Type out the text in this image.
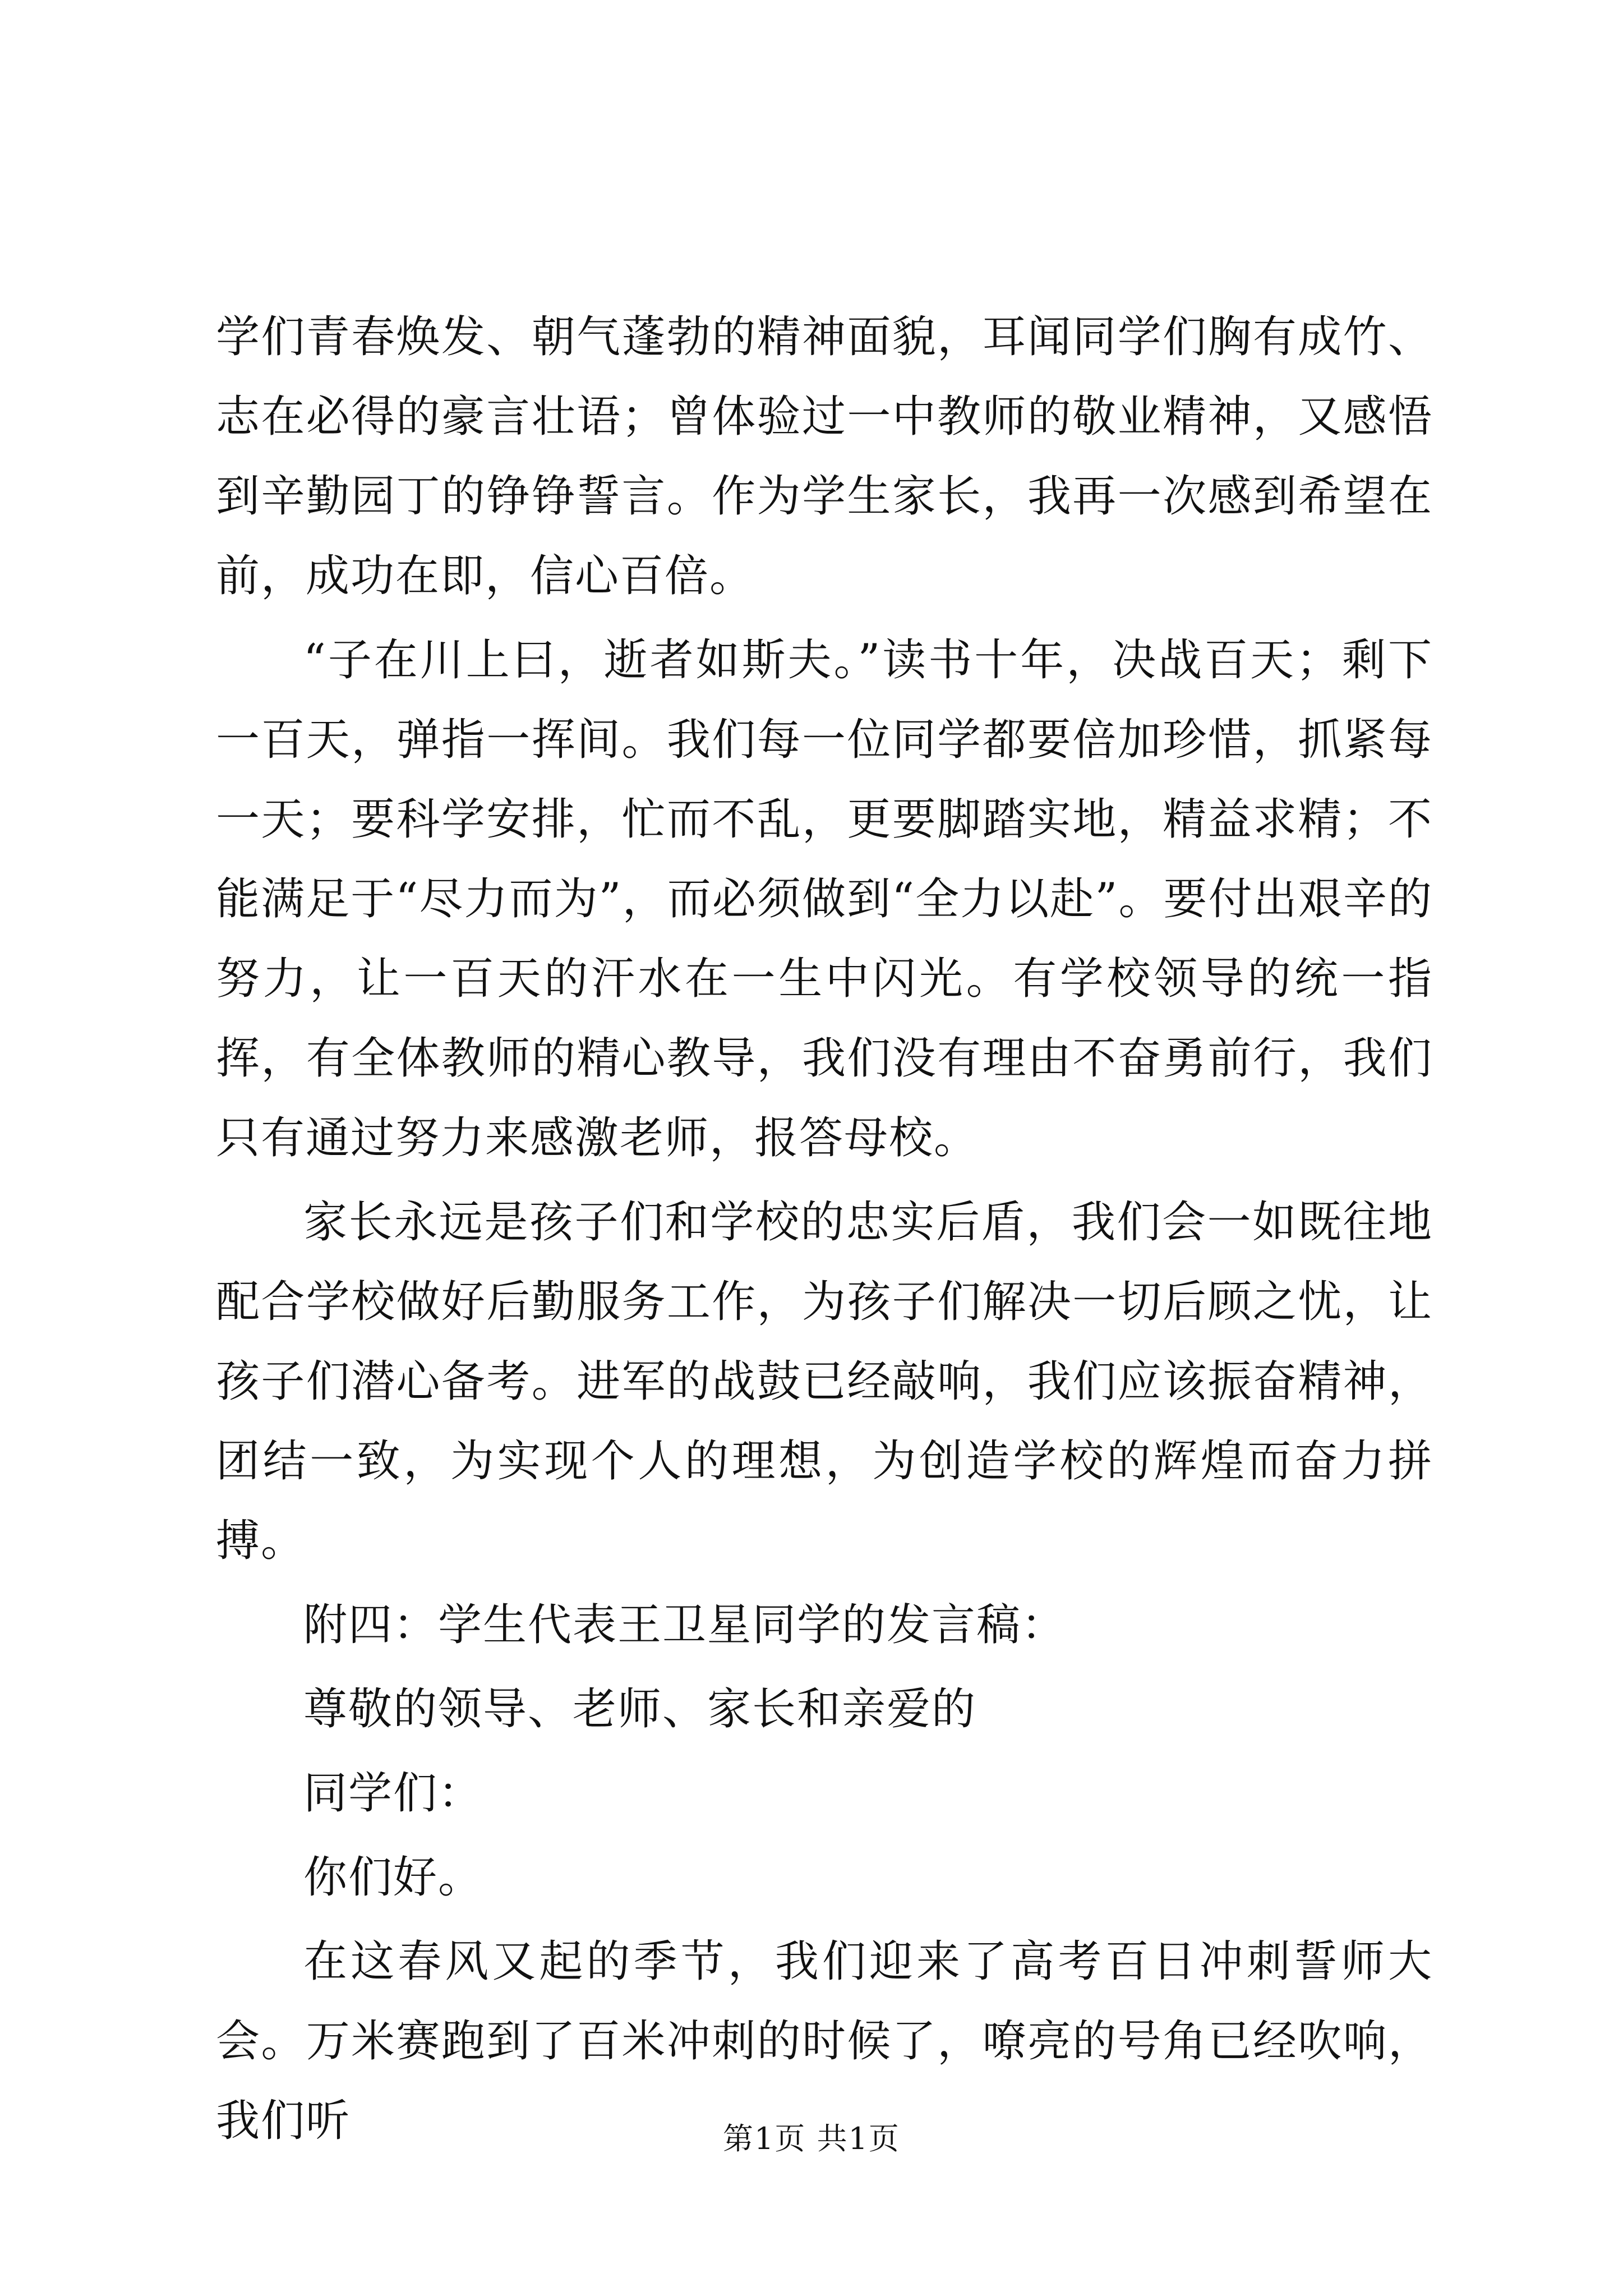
学们青春焕发、朝气蓬勃的精神面貌，耳闻同学们胸有成竹、志在必得的豪言壮语；曾体验过一中教师的敬业精神，又感悟到辛勤园丁的铮铮誓言。作为学生家长，我再一次感到希望在前，成功在即，信心百倍。

“子在川上曰，逝者如斯夫。”读书十年，决战百天；剩下一百天，弹指一挥间。我们每一位同学都要倍加珍惜，抓紧每一天；要科学安排，忙而不乱，更要脚踏实地，精益求精；不能满足于“尽力而为”，而必须做到“全力以赴”。要付出艰辛的努力，让一百天的汗水在一生中闪光。有学校领导的统一指挥，有全体教师的精心教导，我们没有理由不奋勇前行，我们只有通过努力来感激老师，报答母校。

家长永远是孩子们和学校的忠实后盾，我们会一如既往地配合学校做好后勤服务工作，为孩子们解决一切后顾之忧，让孩子们潜心备考。进军的战鼓已经敲响，我们应该振奋精神，团结一致，为实现个人的理想，为创造学校的辉煌而奋力拼搏。

附四：学生代表王卫星同学的发言稿：

尊敬的领导、老师、家长和亲爱的

同学们：

你们好。

在这春风又起的季节，我们迎来了高考百日冲刺誓师大会。万米赛跑到了百米冲刺的时候了，嘹亮的号角已经吹响，我们听	第1页 共1页
